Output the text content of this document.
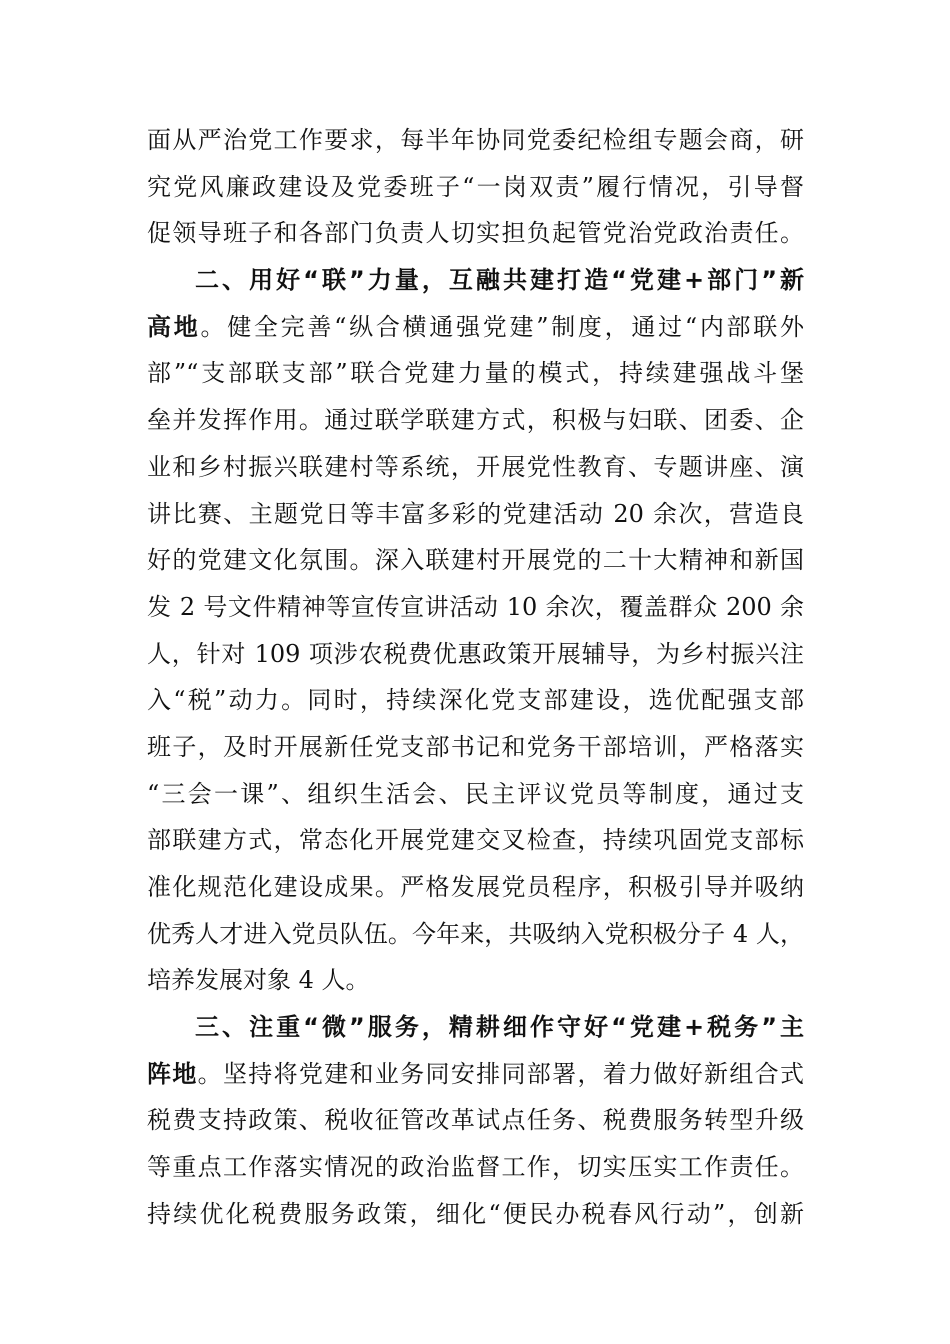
面从严治党工作要求，每半年协同党委纪检组专题会商，研
究党风廉政建设及党委班子“一岗双责”履行情况，引导督
促领导班子和各部门负责人切实担负起管党治党政治责任。
二、用好“联”力量，互融共建打造“党建+部门”新
高地。健全完善“纵合横通强党建”制度，通过“内部联外
部”“支部联支部”联合党建力量的模式，持续建强战斗堡
垒并发挥作用。通过联学联建方式，积极与妇联、团委、企
业和乡村振兴联建村等系统，开展党性教育、专题讲座、演
讲比赛、主题党日等丰富多彩的党建活动 20 余次，营造良
好的党建文化氛围。深入联建村开展党的二十大精神和新国
发 2 号文件精神等宣传宣讲活动 10 余次，覆盖群众 200 余
人，针对 109 项涉农税费优惠政策开展辅导，为乡村振兴注
入“税”动力。同时，持续深化党支部建设，选优配强支部
班子，及时开展新任党支部书记和党务干部培训，严格落实
“三会一课”、组织生活会、民主评议党员等制度，通过支
部联建方式，常态化开展党建交叉检查，持续巩固党支部标
准化规范化建设成果。严格发展党员程序，积极引导并吸纳
优秀人才进入党员队伍。今年来，共吸纳入党积极分子 4 人，
培养发展对象 4 人。
三、注重“微”服务，精耕细作守好“党建+税务”主
阵地。坚持将党建和业务同安排同部署，着力做好新组合式
税费支持政策、税收征管改革试点任务、税费服务转型升级
等重点工作落实情况的政治监督工作，切实压实工作责任。
持续优化税费服务政策，细化“便民办税春风行动”，创新
